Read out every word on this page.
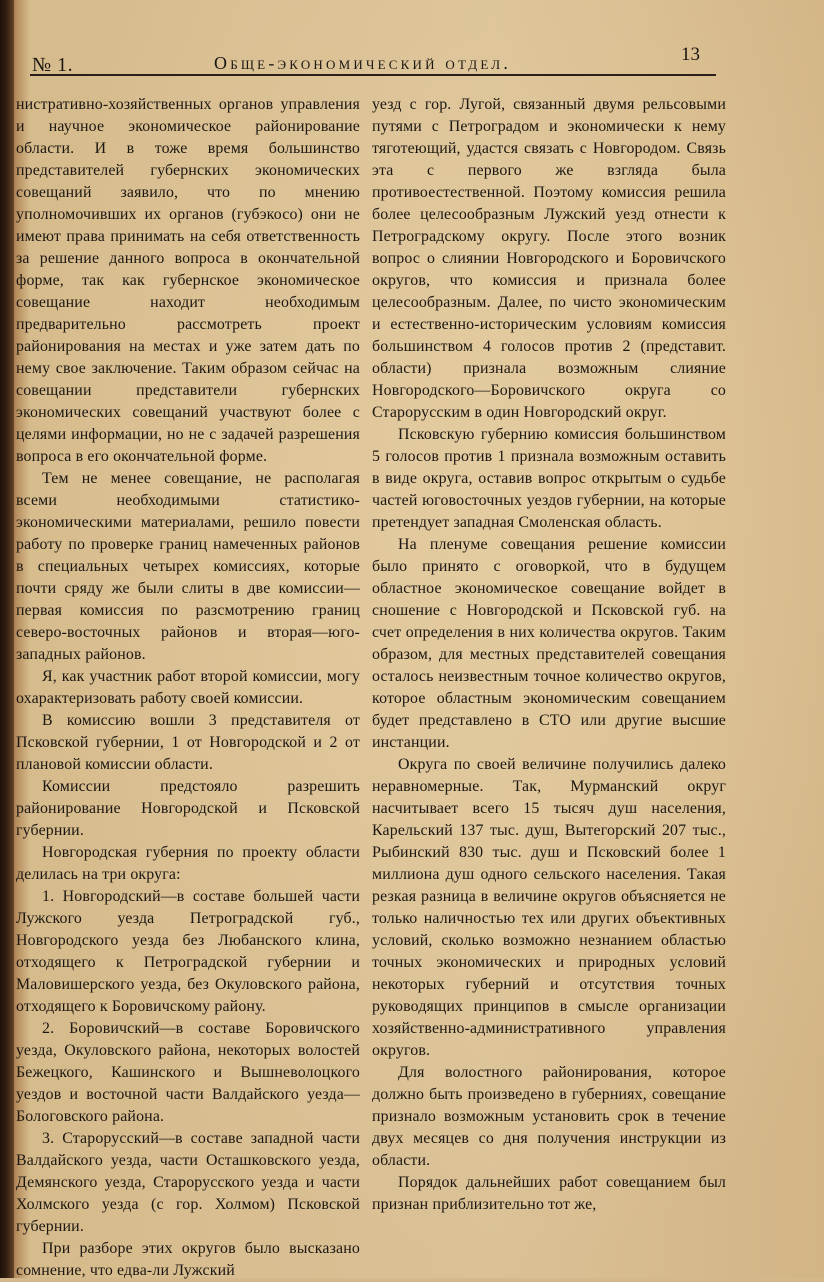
№ 1.	Обще-экономический отдел.	13

нистративно-хозяйственных органов управления и научное экономическое районирование области. И в тоже время большинство представителей губернских экономических совещаний заявило, что по мнению уполномочивших их органов (губэкосо) они не имеют права принимать на себя ответственность за решение данного вопроса в окончательной форме, так как губернское экономическое совещание находит необходимым предварительно рассмотреть проект районирования на местах и уже затем дать по нему свое заключение. Таким образом сейчас на совещании представители губернских экономических совещаний участвуют более с целями информации, но не с задачей разрешения вопроса в его окончательной форме.

Тем не менее совещание, не располагая всеми необходимыми статистико-экономическими материалами, решило повести работу по проверке границ намеченных районов в специальных четырех комиссиях, которые почти сряду же были слиты в две комиссии—первая комиссия по разсмотрению границ северо-восточных районов и вторая—юго-западных районов.

Я, как участник работ второй комиссии, могу охарактеризовать работу своей комиссии.

В комиссию вошли 3 представителя от Псковской губернии, 1 от Новгородской и 2 от плановой комиссии области.

Комиссии предстояло разрешить районирование Новгородской и Псковской губернии.

Новгородская губерния по проекту области делилась на три округа:

1. Новгородский—в составе большей части Лужского уезда Петроградской губ., Новгородского уезда без Любанского клина, отходящего к Петроградской губернии и Маловишерского уезда, без Окуловского района, отходящего к Боровичскому району.

2. Боровичский—в составе Боровичского уезда, Окуловского района, некоторых волостей Бежецкого, Кашинского и Вышневолоцкого уездов и восточной части Валдайского уезда—Бологовского района.

3. Старорусский—в составе западной части Валдайского уезда, части Осташковского уезда, Демянского уезда, Старорусского уезда и части Холмского уезда (с гор. Холмом) Псковской губернии.

При разборе этих округов было высказано сомнение, что едва-ли Лужский

уезд с гор. Лугой, связанный двумя рельсовыми путями с Петроградом и экономически к нему тяготеющий, удастся связать с Новгородом. Связь эта с первого же взгляда была противоестественной. Поэтому комиссия решила более целесообразным Лужский уезд отнести к Петроградскому округу. После этого возник вопрос о слиянии Новгородского и Боровичского округов, что комиссия и признала более целесообразным. Далее, по чисто экономическим и естественно-историческим условиям комиссия большинством 4 голосов против 2 (представит. области) признала возможным слияние Новгородского—Боровичского округа со Старорусским в один Новгородский округ.

Псковскую губернию комиссия большинством 5 голосов против 1 признала возможным оставить в виде округа, оставив вопрос открытым о судьбе частей юговосточных уездов губернии, на которые претендует западная Смоленская область.

На пленуме совещания решение комиссии было принято с оговоркой, что в будущем областное экономическое совещание войдет в сношение с Новгородской и Псковской губ. на счет определения в них количества округов. Таким образом, для местных представителей совещания осталось неизвестным точное количество округов, которое областным экономическим совещанием будет представлено в СТО или другие высшие инстанции.

Округа по своей величине получились далеко неравномерные. Так, Мурманский округ насчитывает всего 15 тысяч душ населения, Карельский 137 тыс. душ, Вытегорский 207 тыс., Рыбинский 830 тыс. душ и Псковский более 1 миллиона душ одного сельского населения. Такая резкая разница в величине округов объясняется не только наличностью тех или других объективных условий, сколько возможно незнанием областью точных экономических и природных условий некоторых губерний и отсутствия точных руководящих принципов в смысле организации хозяйственно-административного управления округов.

Для волостного районирования, которое должно быть произведено в губерниях, совещание признало возможным установить срок в течение двух месяцев со дня получения инструкции из области.

Порядок дальнейших работ совещанием был признан приблизительно тот же,
